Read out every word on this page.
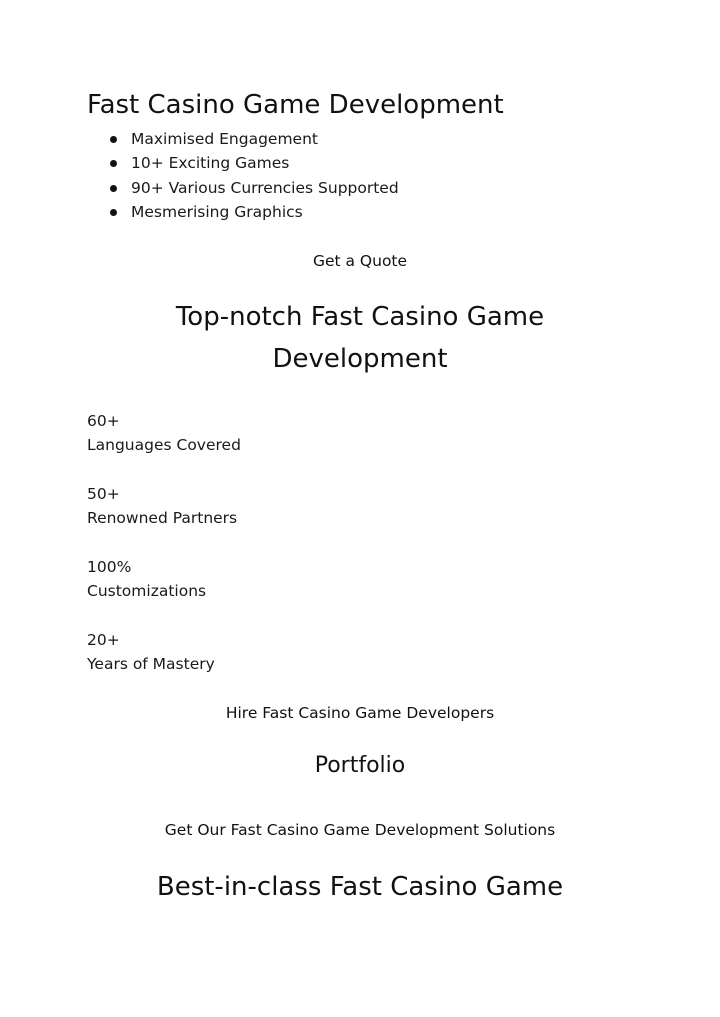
Fast Casino Game Development
Maximised Engagement
10+ Exciting Games
90+ Various Currencies Supported
Mesmerising Graphics
Get a Quote
Top-notch Fast Casino Game
Development
60+
Languages Covered
50+
Renowned Partners
100%
Customizations
20+
Years of Mastery
Hire Fast Casino Game Developers
Portfolio
Get Our Fast Casino Game Development Solutions
Best-in-class Fast Casino Game
